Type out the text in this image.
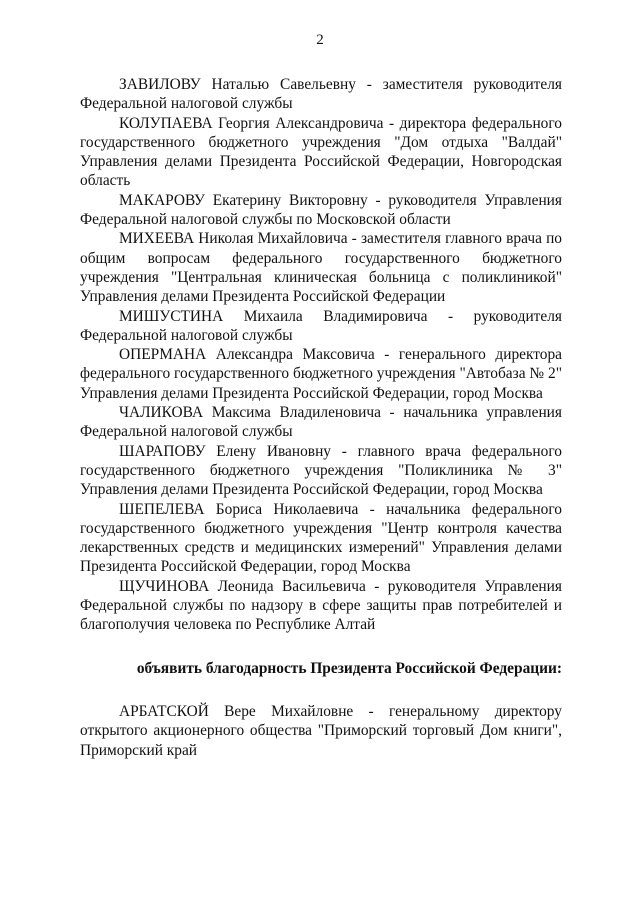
2

ЗАВИЛОВУ Наталью Савельевну - заместителя руководителя Федеральной налоговой службы

КОЛУПАЕВА Георгия Александровича - директора федерального государственного бюджетного учреждения "Дом отдыха "Валдай" Управления делами Президента Российской Федерации, Новгородская область

МАКАРОВУ Екатерину Викторовну - руководителя Управления Федеральной налоговой службы по Московской области

МИХЕЕВА Николая Михайловича - заместителя главного врача по общим вопросам федерального государственного бюджетного учреждения "Центральная клиническая больница с поликлиникой" Управления делами Президента Российской Федерации

МИШУСТИНА Михаила Владимировича - руководителя Федеральной налоговой службы

ОПЕРМАНА Александра Максовича - генерального директора федерального государственного бюджетного учреждения "Автобаза № 2" Управления делами Президента Российской Федерации, город Москва

ЧАЛИКОВА Максима Владиленовича - начальника управления Федеральной налоговой службы

ШАРАПОВУ Елену Ивановну - главного врача федерального государственного бюджетного учреждения "Поликлиника № 3" Управления делами Президента Российской Федерации, город Москва

ШЕПЕЛЕВА Бориса Николаевича - начальника федерального государственного бюджетного учреждения "Центр контроля качества лекарственных средств и медицинских измерений" Управления делами Президента Российской Федерации, город Москва

ЩУЧИНОВА Леонида Васильевича - руководителя Управления Федеральной службы по надзору в сфере защиты прав потребителей и благополучия человека по Республике Алтай

объявить благодарность Президента Российской Федерации:

АРБАТСКОЙ Вере Михайловне - генеральному директору открытого акционерного общества "Приморский торговый Дом книги", Приморский край
